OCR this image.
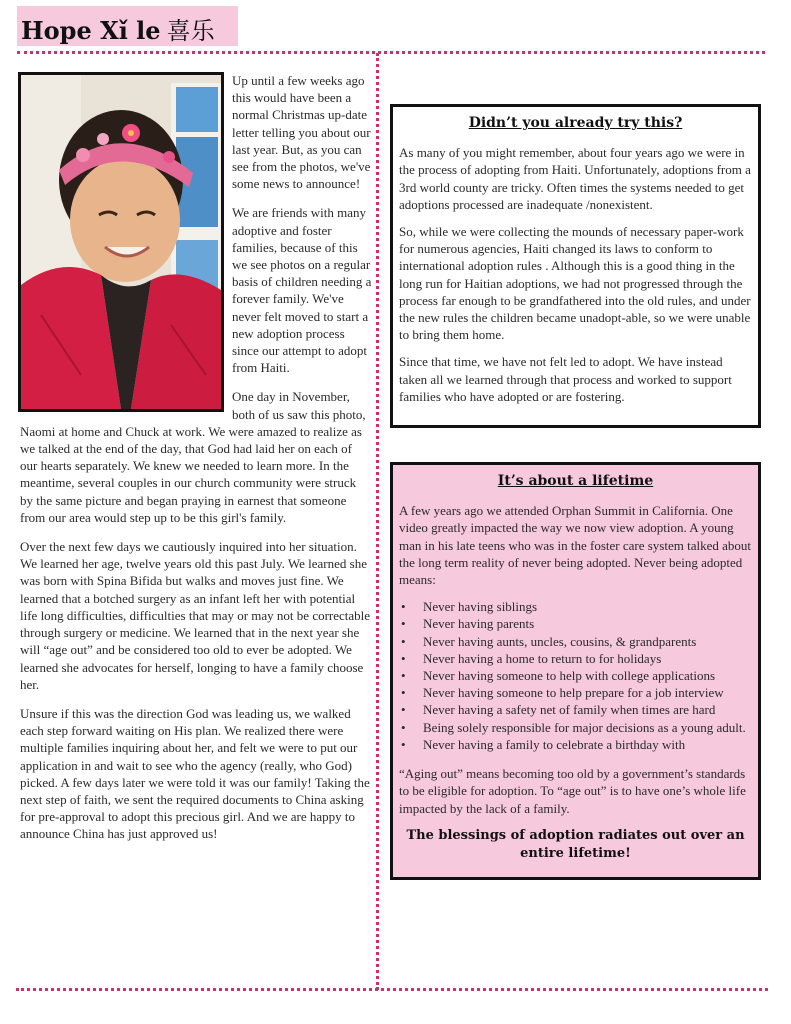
Hope Xǐ le 喜乐

Up until a few weeks ago this would have been a normal Christmas up-date letter telling you about our last year. But, as you can see from the photos, we've some news to announce!

We are friends with many adoptive and foster families, because of this we see photos on a regular basis of children needing a forever family. We've never felt moved to start a new adoption process since our attempt to adopt from Haiti.

One day in November,

both of us saw this photo, Naomi at home and Chuck at work. We were amazed to realize as we talked at the end of the day, that God had laid her on each of our hearts separately. We knew we needed to learn more. In the meantime, several couples in our church community were struck by the same picture and began praying in earnest that someone from our area would step up to be this girl's family.

Over the next few days we cautiously inquired into her situation. We learned her age, twelve years old this past July. We learned she was born with Spina Bifida but walks and moves just fine. We learned that a botched surgery as an infant left her with potential life long difficulties, difficulties that may or may not be correctable through surgery or medicine. We learned that in the next year she will “age out” and be considered too old to ever be adopted. We learned she advocates for herself, longing to have a family choose her.

Unsure if this was the direction God was leading us, we walked each step forward waiting on His plan. We realized there were multiple families inquiring about her, and felt we were to put our application in and wait to see who the agency (really, who God) picked. A few days later we were told it was our family! Taking the next step of faith, we sent the required documents to China asking for pre-approval to adopt this precious girl. And we are happy to announce China has just approved us!

Didn’t you already try this?

As many of you might remember, about four years ago we were in the process of adopting from Haiti. Unfortunately, adoptions from a 3rd world county are tricky. Often times the systems needed to get adoptions processed are inadequate /nonexistent.

So, while we were collecting the mounds of necessary paper-work for numerous agencies, Haiti changed its laws to conform to international adoption rules . Although this is a good thing in the long run for Haitian adoptions, we had not progressed through the process far enough to be grandfathered into the old rules, and under the new rules the children became unadopt-able, so we were unable to bring them home.

Since that time, we have not felt led to adopt. We have instead taken all we learned through that process and worked to support families who have adopted or are fostering.

It’s about a lifetime

A few years ago we attended Orphan Summit in California. One video greatly impacted the way we now view adoption. A young man in his late teens who was in the foster care system talked about the long term reality of never being adopted. Never being adopted means:

• Never having siblings
• Never having parents
• Never having aunts, uncles, cousins, & grandparents
• Never having a home to return to for holidays
• Never having someone to help with college applications
• Never having someone to help prepare for a job interview
• Never having a safety net of family when times are hard
• Being solely responsible for major decisions as a young adult.
• Never having a family to celebrate a birthday with

“Aging out” means becoming too old by a government’s standards to be eligible for adoption. To “age out” is to have one’s whole life impacted by the lack of a family.

The blessings of adoption radiates out over an entire lifetime!
